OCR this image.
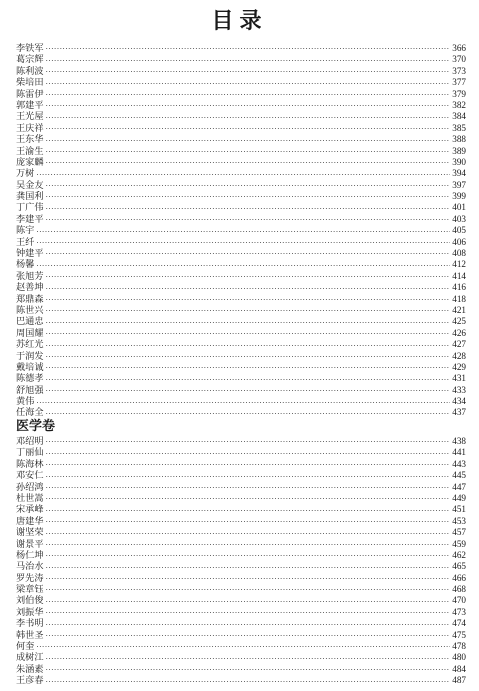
目录
李铁军 ·····	366
葛宗辉 ·····	370
陈利波 ·····	373
柴培田 ·····	377
陈雷伊 ·····	379
郭建平 ·····	382
王光屋 ·····	384
王庆祥 ·····	385
王东华 ·····	388
王渝生 ·····	389
庞家麟 ·····	390
万树 ·····	394
吴金友 ·····	397
龚国利 ·····	399
丁广伟 ·····	401
李建平 ·····	403
陈宇 ·····	405
王纤 ·····	406
钟建平 ·····	408
杨馨 ·····	412
张旭芳 ·····	414
赵善坤 ·····	416
郑鼎森 ·····	418
陈世兴 ·····	421
巴通忠 ·····	425
周国耀 ·····	426
苏红光 ·····	427
于润发 ·····	428
戴培诚 ·····	429
陈德孝 ·····	431
舒旭强 ·····	433
黄伟 ·····	434
任海全 ·····	437
医学卷
邓绍明 ·····	438
丁丽仙 ·····	441
陈海林 ·····	443
邓安仁 ·····	445
孙绍鸿 ·····	447
杜世嵩 ·····	449
宋承峰 ·····	451
唐建华 ·····	453
谢坚荣 ·····	457
谢景平 ·····	459
杨仁坤 ·····	462
马治水 ·····	465
罗先涛 ·····	466
梁章钰 ·····	468
刘伯俊 ·····	470
刘振华 ·····	473
李书明 ·····	474
韩世圣 ·····	475
何奎 ·····	478
成树江 ·····	480
朱涵素 ·····	484
王彦春 ·····	487
